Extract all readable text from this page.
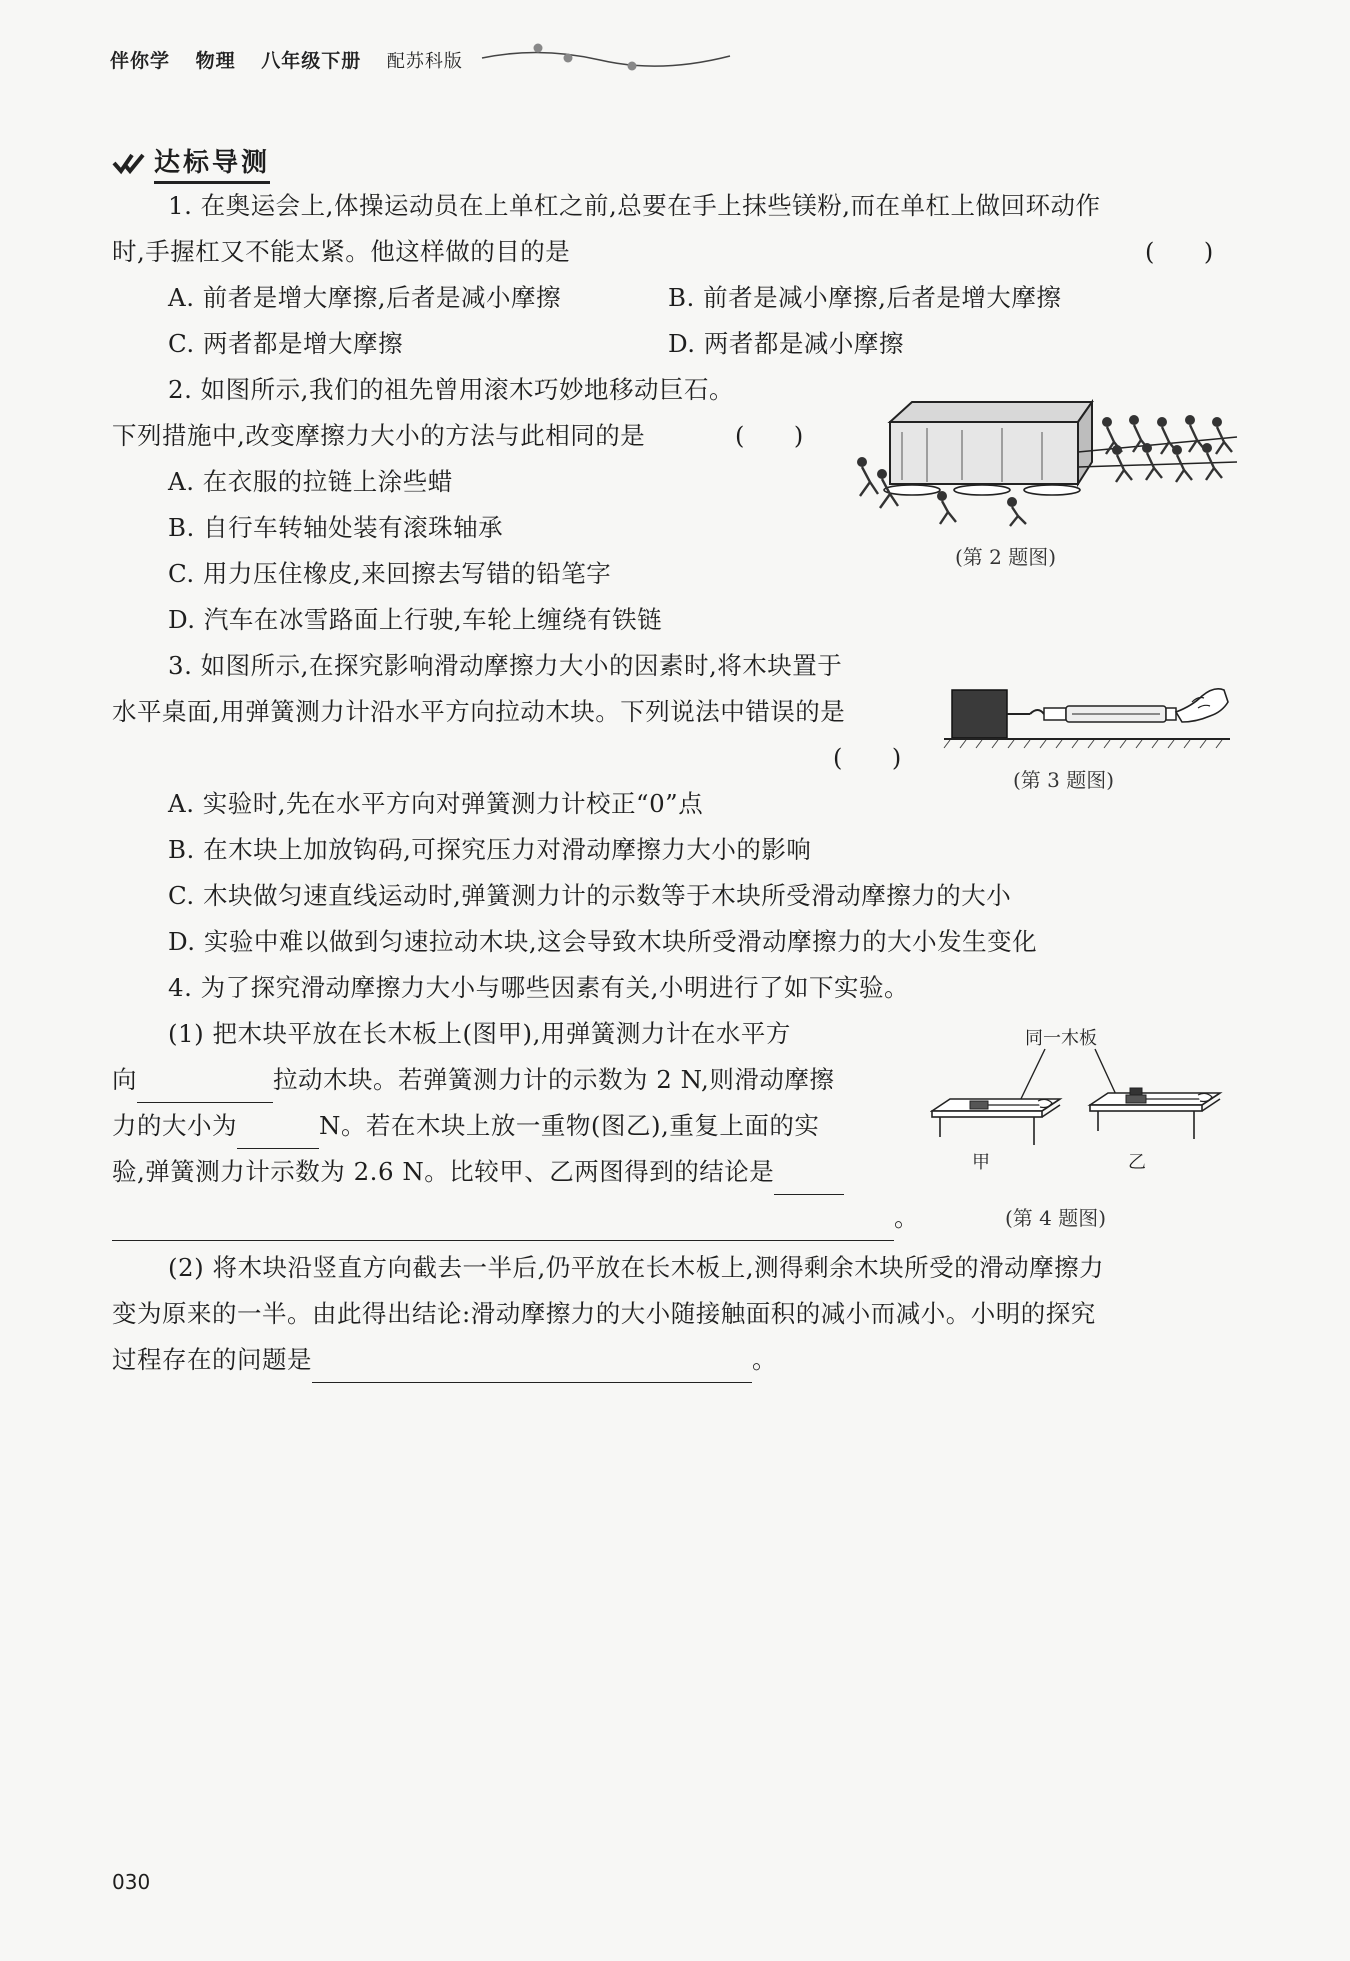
伴你学 物理 八年级下册 配苏科版
达标导测
1. 在奥运会上,体操运动员在上单杠之前,总要在手上抹些镁粉,而在单杠上做回环动作
时,手握杠又不能太紧。他这样做的目的是	(　　)
A. 前者是增大摩擦,后者是减小摩擦	B. 前者是减小摩擦,后者是增大摩擦
C. 两者都是增大摩擦	D. 两者都是减小摩擦
2. 如图所示,我们的祖先曾用滚木巧妙地移动巨石。
下列措施中,改变摩擦力大小的方法与此相同的是	(　　)
A. 在衣服的拉链上涂些蜡
B. 自行车转轴处装有滚珠轴承
C. 用力压住橡皮,来回擦去写错的铅笔字
D. 汽车在冰雪路面上行驶,车轮上缠绕有铁链
(第 2 题图)
3. 如图所示,在探究影响滑动摩擦力大小的因素时,将木块置于
水平桌面,用弹簧测力计沿水平方向拉动木块。下列说法中错误的是
(　　)
A. 实验时,先在水平方向对弹簧测力计校正“0”点
B. 在木块上加放钩码,可探究压力对滑动摩擦力大小的影响
C. 木块做匀速直线运动时,弹簧测力计的示数等于木块所受滑动摩擦力的大小
D. 实验中难以做到匀速拉动木块,这会导致木块所受滑动摩擦力的大小发生变化
(第 3 题图)
4. 为了探究滑动摩擦力大小与哪些因素有关,小明进行了如下实验。
(1) 把木块平放在长木板上(图甲),用弹簧测力计在水平方
向	拉动木块。若弹簧测力计的示数为 2 N,则滑动摩擦
力的大小为	N。若在木块上放一重物(图乙),重复上面的实
验,弹簧测力计示数为 2.6 N。比较甲、乙两图得到的结论是
。
同一木板
甲	乙
(第 4 题图)
(2) 将木块沿竖直方向截去一半后,仍平放在长木板上,测得剩余木块所受的滑动摩擦力
变为原来的一半。由此得出结论:滑动摩擦力的大小随接触面积的减小而减小。小明的探究
过程存在的问题是	。
030
